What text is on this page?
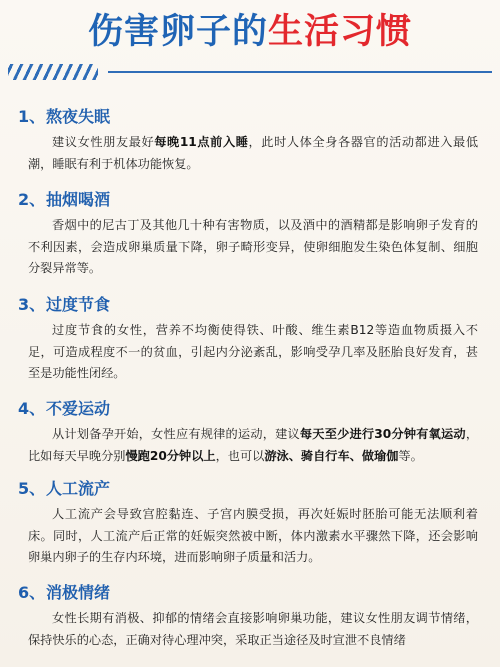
伤害卵子的生活习惯
1、熬夜失眠
建议女性朋友最好每晚11点前入睡，此时人体全身各器官的活动都进入最低潮，睡眠有利于机体功能恢复。
2、抽烟喝酒
香烟中的尼古丁及其他几十种有害物质，以及酒中的酒精都是影响卵子发育的不利因素，会造成卵巢质量下降，卵子畸形变异，使卵细胞发生染色体复制、细胞分裂异常等。
3、过度节食
过度节食的女性，营养不均衡使得铁、叶酸、维生素B12等造血物质摄入不足，可造成程度不一的贫血，引起内分泌紊乱，影响受孕几率及胚胎良好发育，甚至是功能性闭经。
4、不爱运动
从计划备孕开始，女性应有规律的运动，建议每天至少进行30分钟有氧运动，比如每天早晚分别慢跑20分钟以上，也可以游泳、骑自行车、做瑜伽等。
5、人工流产
人工流产会导致宫腔黏连、子宫内膜受损，再次妊娠时胚胎可能无法顺利着床。同时，人工流产后正常的妊娠突然被中断，体内激素水平骤然下降，还会影响卵巢内卵子的生存内环境，进而影响卵子质量和活力。
6、消极情绪
女性长期有消极、抑郁的情绪会直接影响卵巢功能，建议女性朋友调节情绪，保持快乐的心态，正确对待心理冲突，采取正当途径及时宣泄不良情绪
